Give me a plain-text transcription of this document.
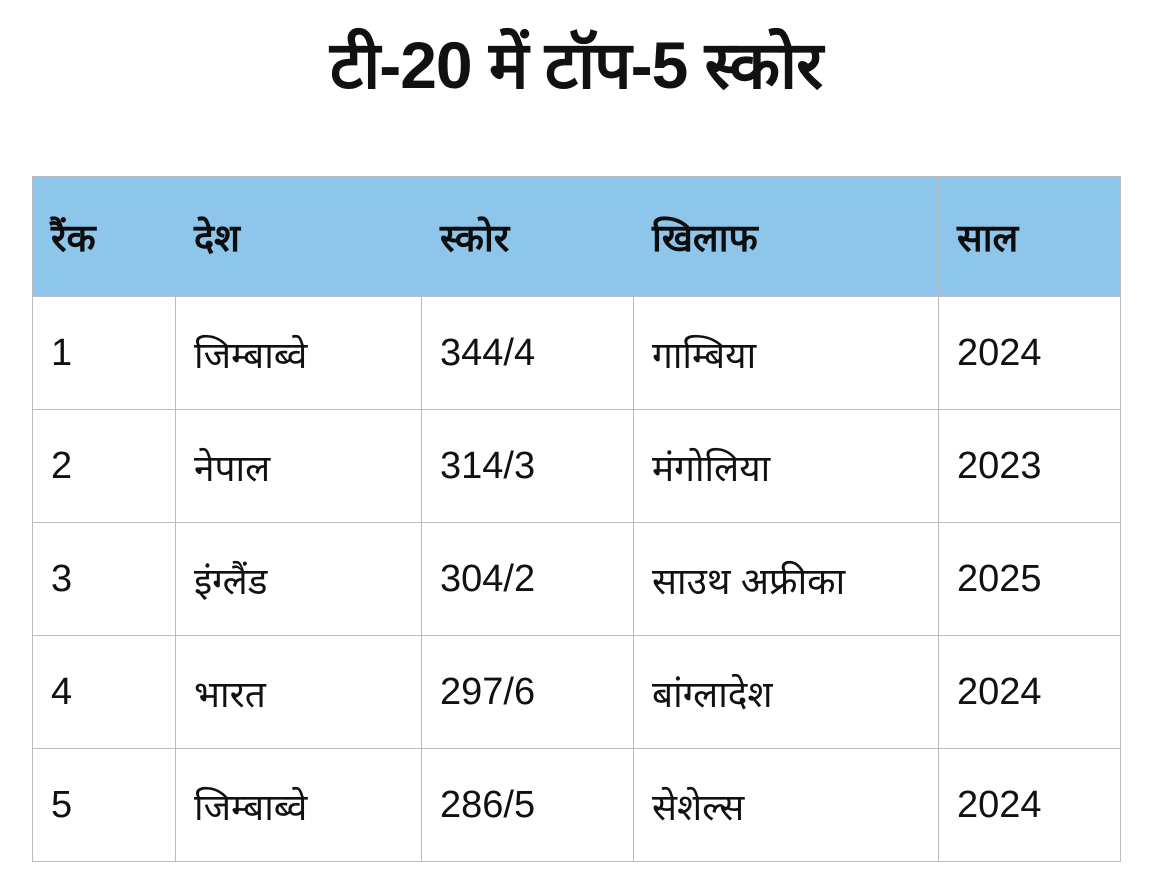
टी-20 में टॉप-5 स्कोर
रैंक	देश	स्कोर	खिलाफ	साल
1	जिम्बाब्वे	344/4	गाम्बिया	2024
2	नेपाल	314/3	मंगोलिया	2023
3	इंग्लैंड	304/2	साउथ अफ्रीका	2025
4	भारत	297/6	बांग्लादेश	2024
5	जिम्बाब्वे	286/5	सेशेल्स	2024
